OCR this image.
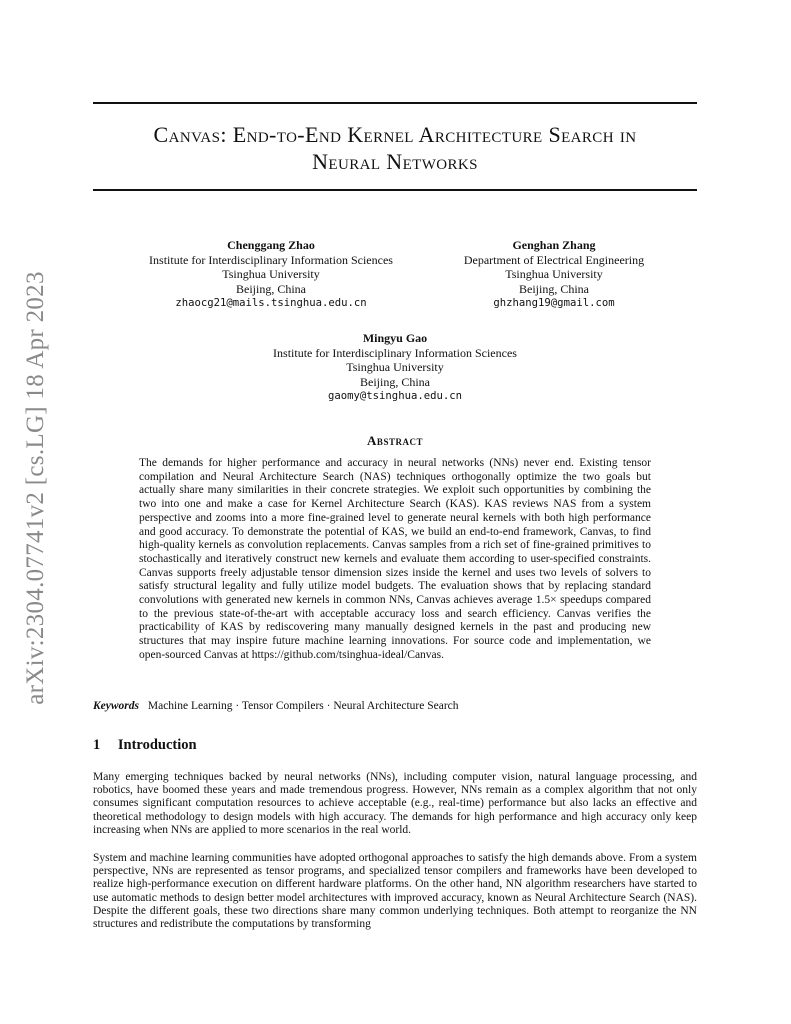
arXiv:2304.07741v2 [cs.LG] 18 Apr 2023
Canvas: End-to-End Kernel Architecture Search in
Neural Networks
Chenggang Zhao
Institute for Interdisciplinary Information Sciences
Tsinghua University
Beijing, China
zhaocg21@mails.tsinghua.edu.cn
Genghan Zhang
Department of Electrical Engineering
Tsinghua University
Beijing, China
ghzhang19@gmail.com
Mingyu Gao
Institute for Interdisciplinary Information Sciences
Tsinghua University
Beijing, China
gaomy@tsinghua.edu.cn
Abstract
The demands for higher performance and accuracy in neural networks (NNs) never end. Existing tensor compilation and Neural Architecture Search (NAS) techniques orthogonally optimize the two goals but actually share many similarities in their concrete strategies. We exploit such opportunities by combining the two into one and make a case for Kernel Architecture Search (KAS). KAS reviews NAS from a system perspective and zooms into a more fine-grained level to generate neural kernels with both high performance and good accuracy. To demonstrate the potential of KAS, we build an end-to-end framework, Canvas, to find high-quality kernels as convolution replacements. Canvas samples from a rich set of fine-grained primitives to stochastically and iteratively construct new kernels and evaluate them according to user-specified constraints. Canvas supports freely adjustable tensor dimension sizes inside the kernel and uses two levels of solvers to satisfy structural legality and fully utilize model budgets. The evaluation shows that by replacing standard convolutions with generated new kernels in common NNs, Canvas achieves average 1.5× speedups compared to the previous state-of-the-art with acceptable accuracy loss and search efficiency. Canvas verifies the practicability of KAS by rediscovering many manually designed kernels in the past and producing new structures that may inspire future machine learning innovations. For source code and implementation, we open-sourced Canvas at https://github.com/tsinghua-ideal/Canvas.
Keywords Machine Learning · Tensor Compilers · Neural Architecture Search
1 Introduction
Many emerging techniques backed by neural networks (NNs), including computer vision, natural language processing, and robotics, have boomed these years and made tremendous progress. However, NNs remain as a complex algorithm that not only consumes significant computation resources to achieve acceptable (e.g., real-time) performance but also lacks an effective and theoretical methodology to design models with high accuracy. The demands for high performance and high accuracy only keep increasing when NNs are applied to more scenarios in the real world.
System and machine learning communities have adopted orthogonal approaches to satisfy the high demands above. From a system perspective, NNs are represented as tensor programs, and specialized tensor compilers and frameworks have been developed to realize high-performance execution on different hardware platforms. On the other hand, NN algorithm researchers have started to use automatic methods to design better model architectures with improved accuracy, known as Neural Architecture Search (NAS). Despite the different goals, these two directions share many common underlying techniques. Both attempt to reorganize the NN structures and redistribute the computations by transforming
